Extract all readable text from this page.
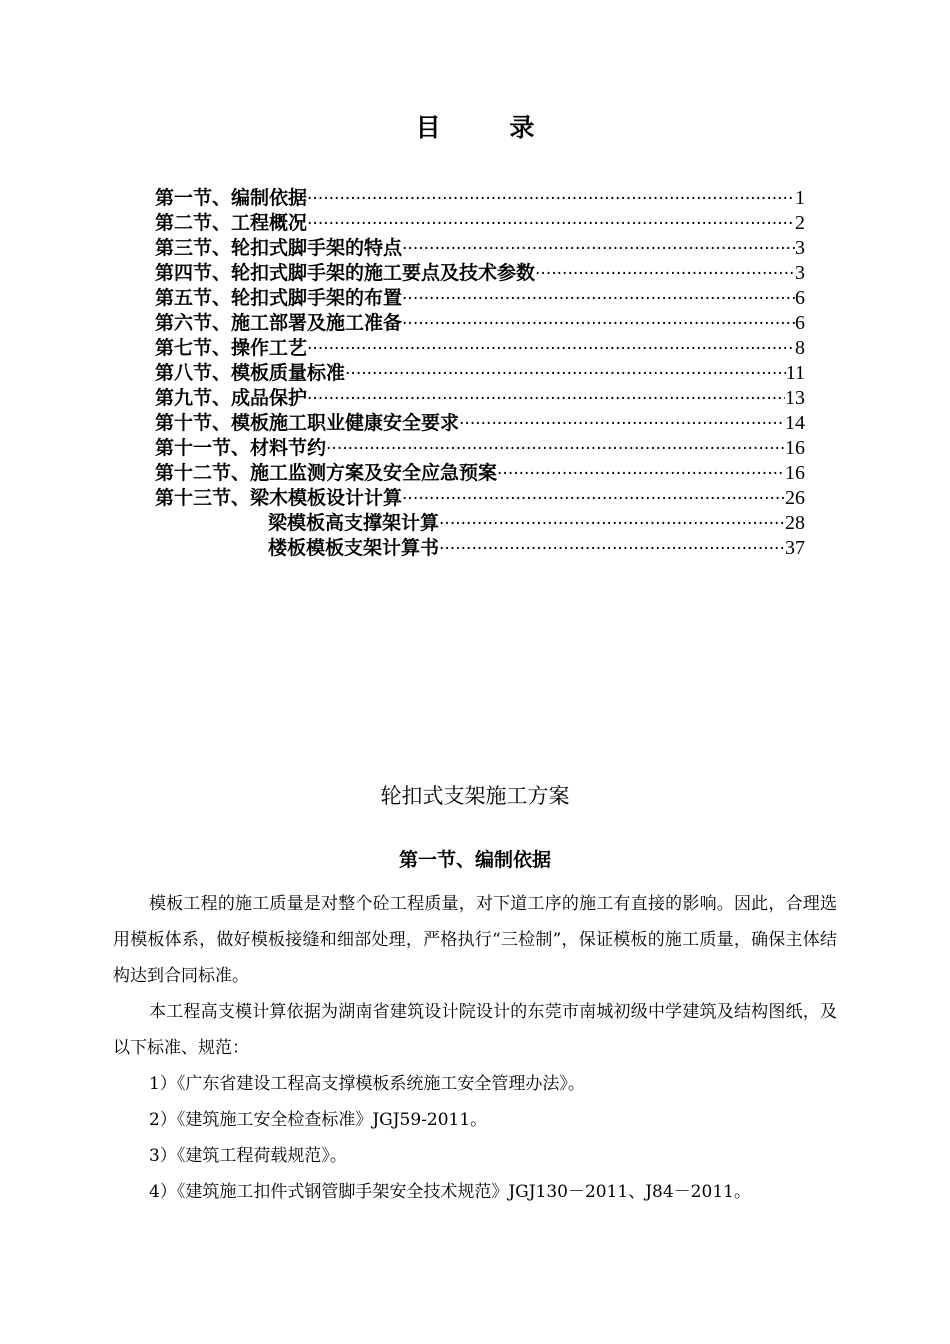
目 录
第一节、编制依据 ·····	1
第二节、工程概况 ·····	2
第三节、轮扣式脚手架的特点 ·····	3
第四节、轮扣式脚手架的施工要点及技术参数 ·····	3
第五节、轮扣式脚手架的布置 ·····	6
第六节、施工部署及施工准备 ·····	6
第七节、操作工艺 ·····	8
第八节、模板质量标准 ·····	11
第九节、成品保护 ·····	13
第十节、模板施工职业健康安全要求 ·····	14
第十一节、材料节约 ·····	16
第十二节、施工监测方案及安全应急预案 ·····	16
第十三节、梁木模板设计计算 ·····	26
梁模板高支撑架计算 ·····	28
楼板模板支架计算书 ·····	37
轮扣式支架施工方案
第一节、编制依据

模板工程的施工质量是对整个砼工程质量，对下道工序的施工有直接的影响。因此，合理选用模板体系，做好模板接缝和细部处理，严格执行“三检制”，保证模板的施工质量，确保主体结构达到合同标准。

本工程高支模计算依据为湖南省建筑设计院设计的东莞市南城初级中学建筑及结构图纸，及以下标准、规范：

1）《广东省建设工程高支撑模板系统施工安全管理办法》。

2）《建筑施工安全检查标准》JGJ59-2011。

3）《建筑工程荷载规范》。

4）《建筑施工扣件式钢管脚手架安全技术规范》JGJ130－2011、J84－2011。
